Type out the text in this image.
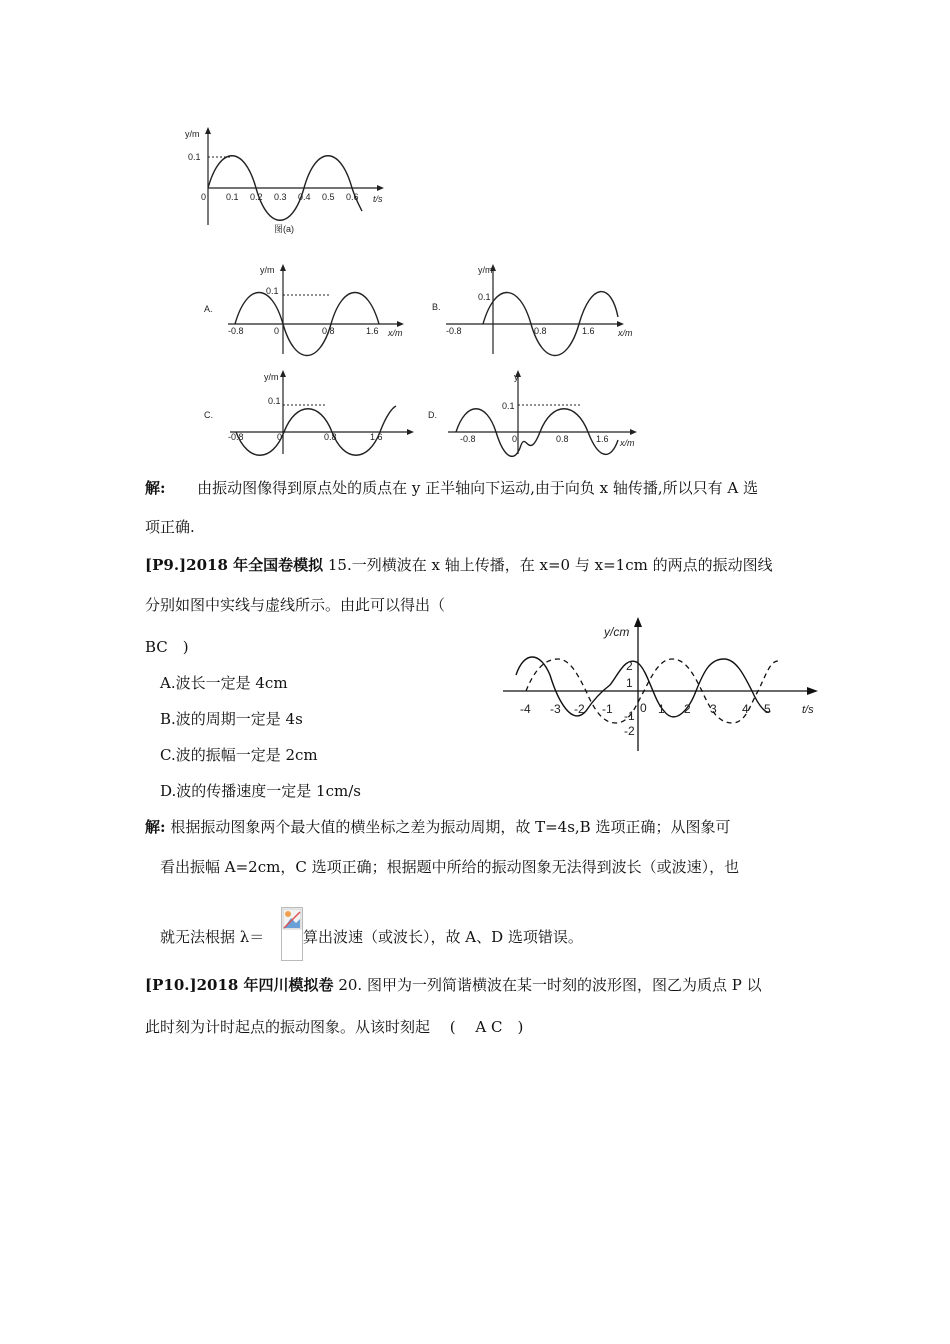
y/m
0.1
0 0.1 0.2 0.3 0.4 0.5 0.6 t/s
图(a)
A.
y/m
0.1
-0.8	0	0.8	1.6 x/m
B.
y/m
0.1
-0.8	0.8	1.6	x/m
C.
y/m
0.1
-0.8	0	0.8	1.6
D.
y
0.1
-0.8	0	0.8	1.6 x/m
解: 由振动图像得到原点处的质点在 y 正半轴向下运动,由于向负 x 轴传播,所以只有 A 选
项正确.
[P9.]2018 年全国卷模拟 15.一列横波在 x 轴上传播，在 x=0 与 x=1cm 的两点的振动图线
分别如图中实线与虚线所示。由此可以得出（
BC　)
A.波长一定是 4cm
B.波的周期一定是 4s
C.波的振幅一定是 2cm
D.波的传播速度一定是 1cm/s
y/cm
t/s
0
-4 -3 -2 -1	1 2 3 4 5
2
1
-1
-2
解: 根据振动图象两个最大值的横坐标之差为振动周期，故 T=4s,B 选项正确；从图象可
看出振幅 A=2cm，C 选项正确；根据题中所给的振动图象无法得到波长（或波速），也
就无法根据 λ＝	算出波速（或波长），故 A、D 选项错误。
[P10.]2018 年四川模拟卷 20. 图甲为一列简谐横波在某一时刻的波形图，图乙为质点 P 以
此时刻为计时起点的振动图象。从该时刻起　 (　 A C　)
